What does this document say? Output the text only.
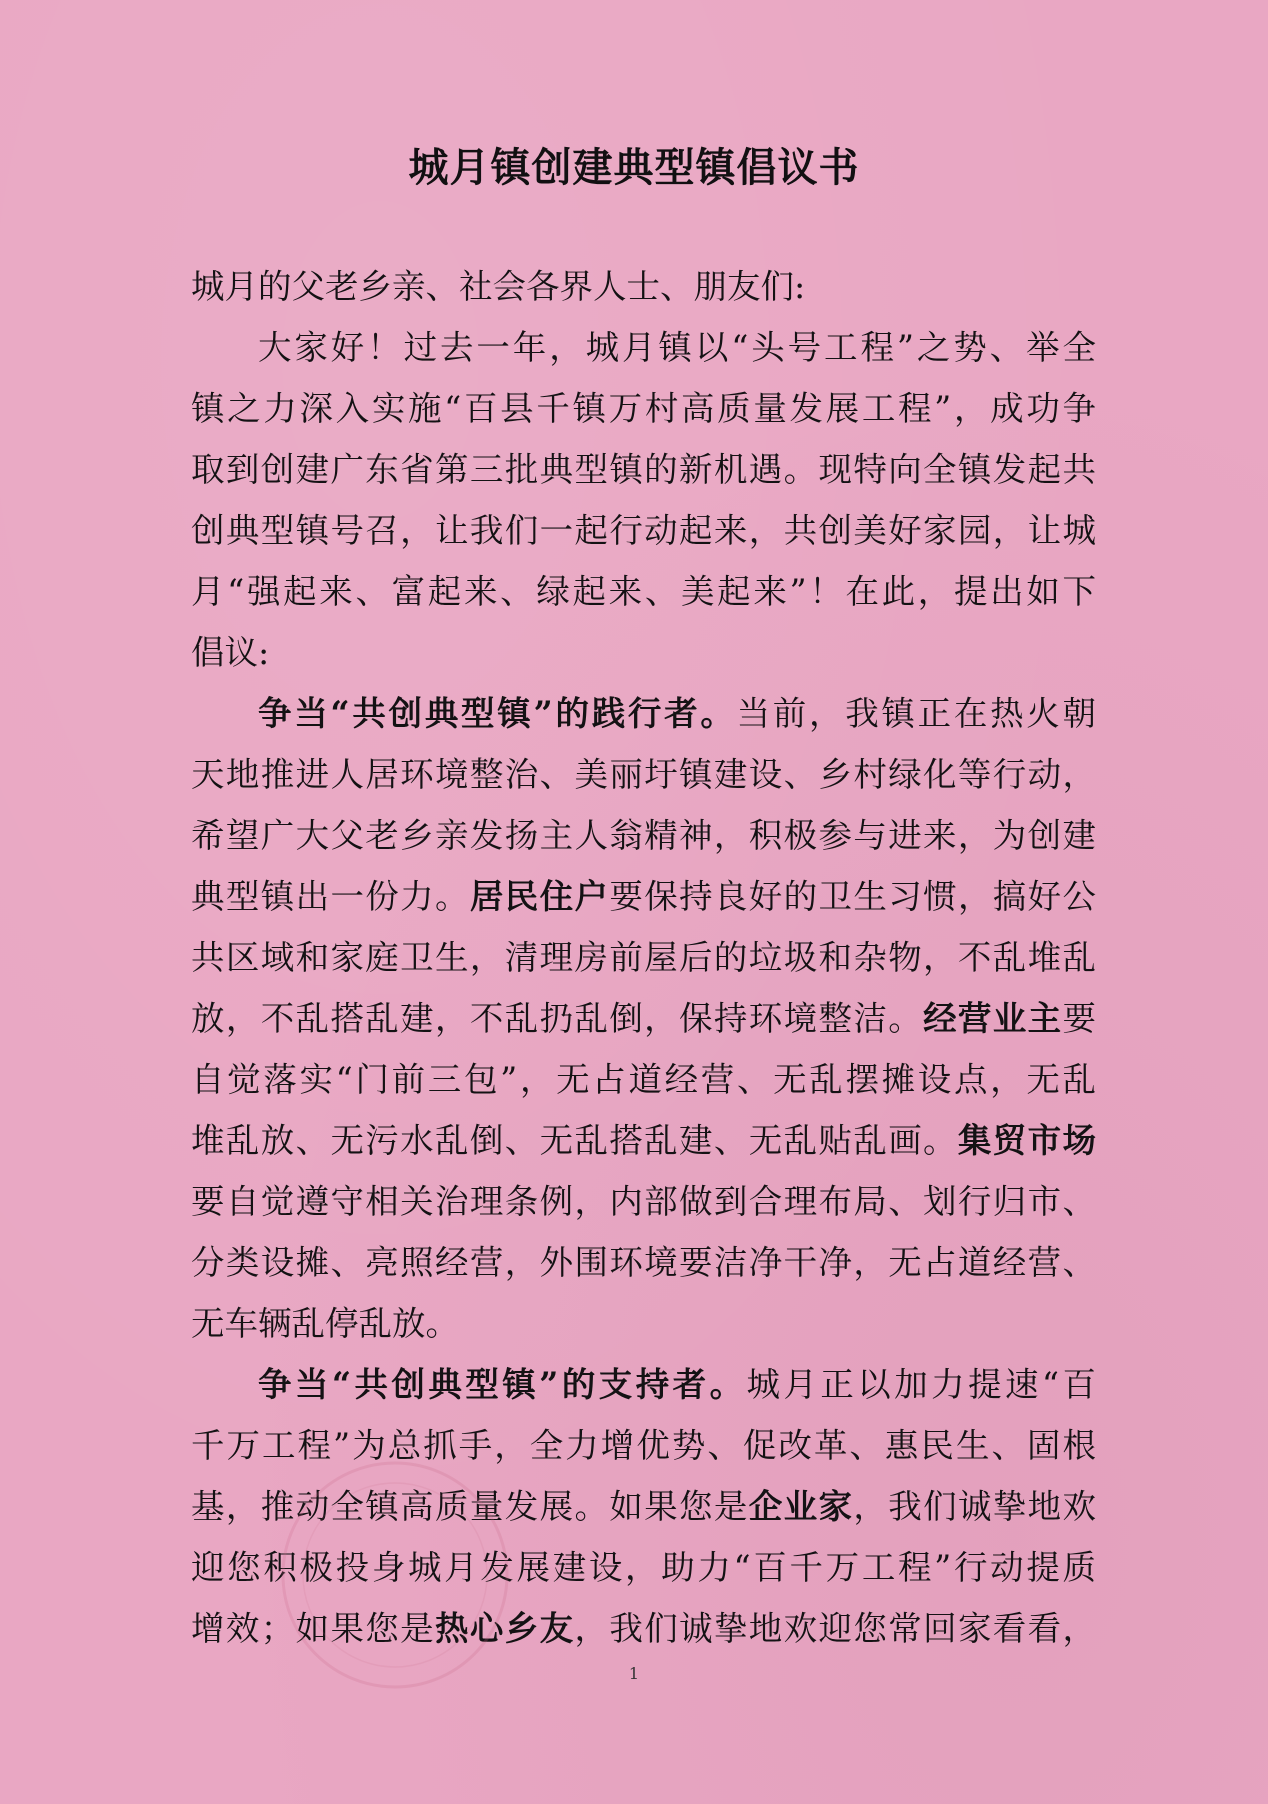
城月镇创建典型镇倡议书
城月的父老乡亲、社会各界人士、朋友们:
大家好！过去一年，城月镇以“头号工程”之势、举全
镇之力深入实施“百县千镇万村高质量发展工程”，成功争
取到创建广东省第三批典型镇的新机遇。现特向全镇发起共
创典型镇号召，让我们一起行动起来，共创美好家园，让城
月“强起来、富起来、绿起来、美起来”！在此，提出如下
倡议:
争当“共创典型镇”的践行者。当前，我镇正在热火朝
天地推进人居环境整治、美丽圩镇建设、乡村绿化等行动，
希望广大父老乡亲发扬主人翁精神，积极参与进来，为创建
典型镇出一份力。居民住户要保持良好的卫生习惯，搞好公
共区域和家庭卫生，清理房前屋后的垃圾和杂物，不乱堆乱
放，不乱搭乱建，不乱扔乱倒，保持环境整洁。经营业主要
自觉落实“门前三包”，无占道经营、无乱摆摊设点，无乱
堆乱放、无污水乱倒、无乱搭乱建、无乱贴乱画。集贸市场
要自觉遵守相关治理条例，内部做到合理布局、划行归市、
分类设摊、亮照经营，外围环境要洁净干净，无占道经营、
无车辆乱停乱放。
争当“共创典型镇”的支持者。城月正以加力提速“百
千万工程”为总抓手，全力增优势、促改革、惠民生、固根
基，推动全镇高质量发展。如果您是企业家，我们诚挚地欢
迎您积极投身城月发展建设，助力“百千万工程”行动提质
增效；如果您是热心乡友，我们诚挚地欢迎您常回家看看，
1
